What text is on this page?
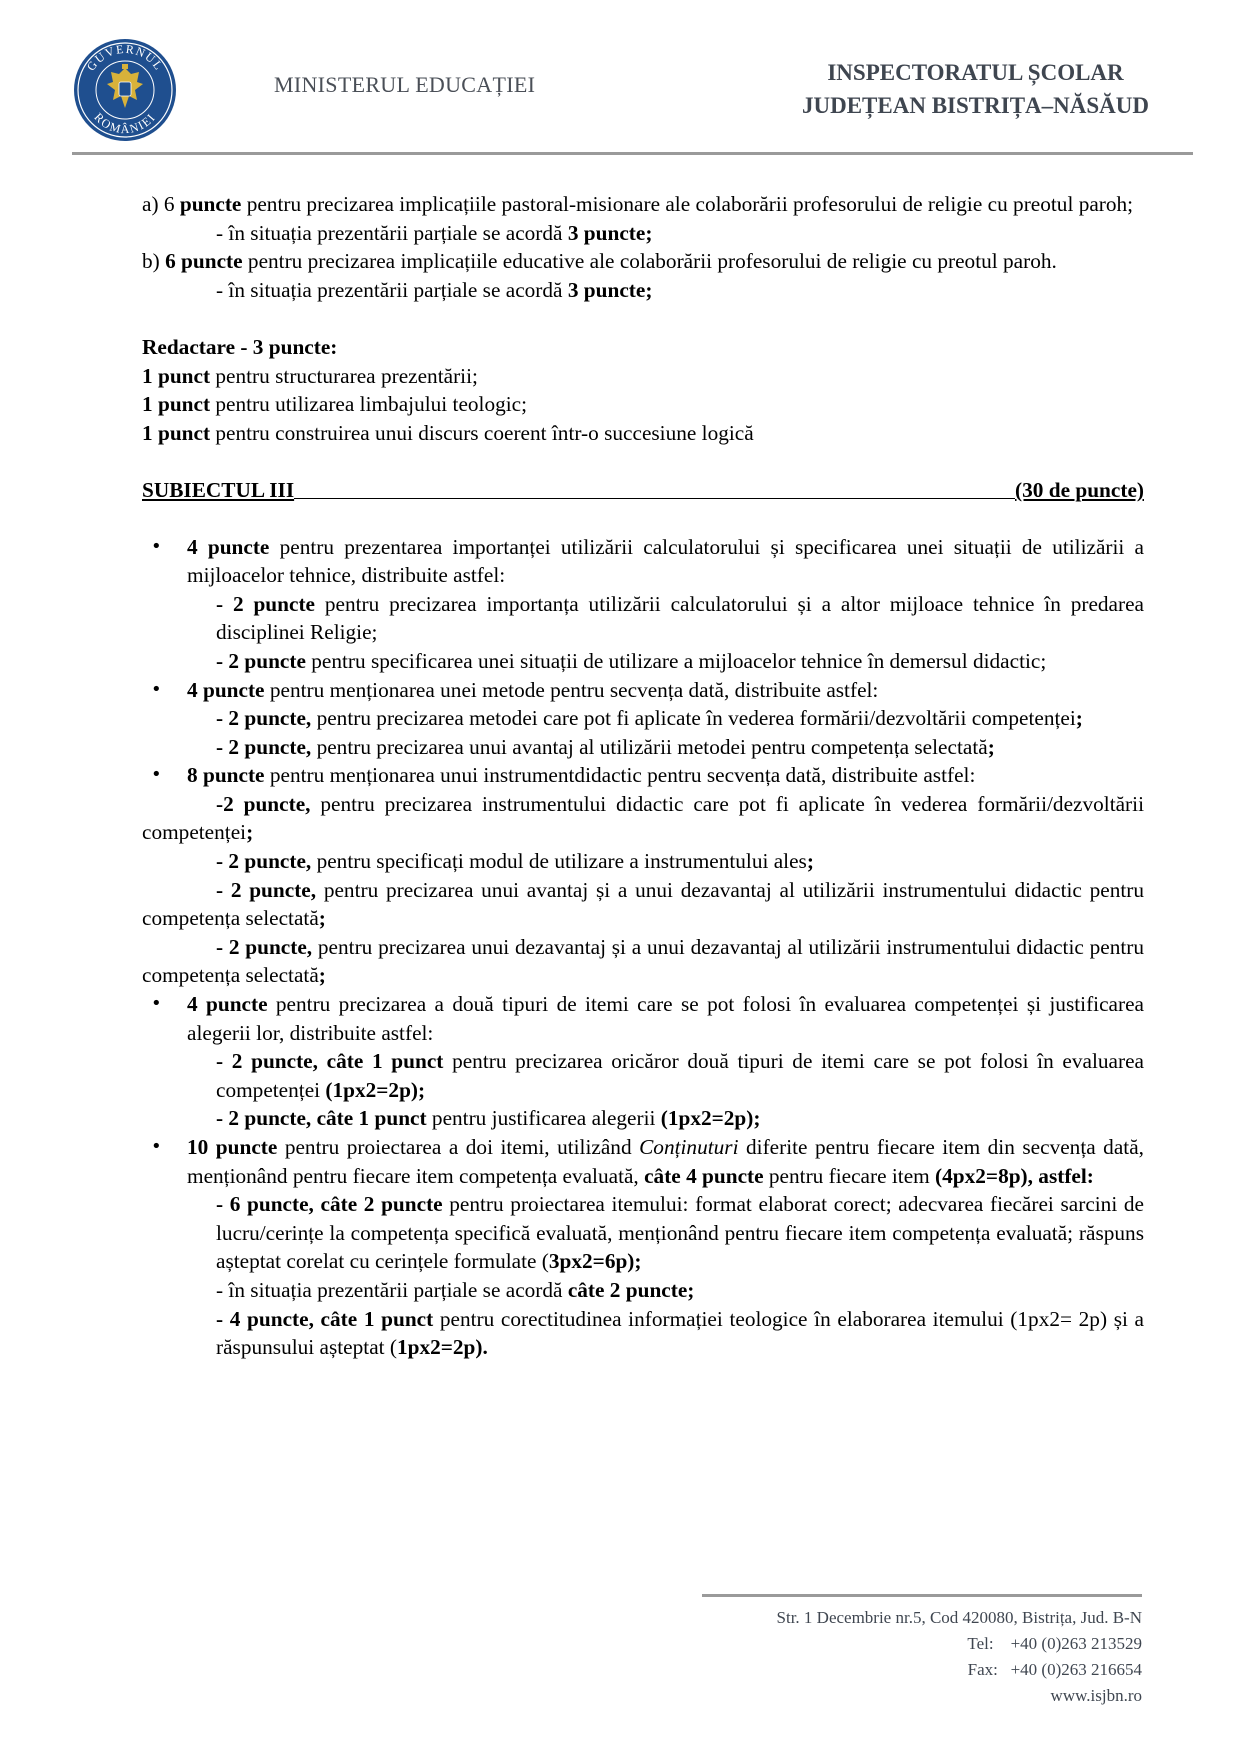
GUVERNUL
ROMÂNIEI
MINISTERUL EDUCAȚIEI	INSPECTORATUL ȘCOLAR
JUDEȚEAN BISTRIȚA–NĂSĂUD

a) 6 puncte pentru precizarea implicațiile pastoral-misionare ale colaborării profesorului de religie cu preotul paroh;

- în situația prezentării parțiale se acordă 3 puncte;

b) 6 puncte pentru precizarea implicațiile educative ale colaborării profesorului de religie cu preotul paroh.

- în situația prezentării parțiale se acordă 3 puncte;

Redactare - 3 puncte:

1 punct pentru structurarea prezentării;

1 punct pentru utilizarea limbajului teologic;

1 punct pentru construirea unui discurs coerent într-o succesiune logică

SUBIECTUL III	(30 de puncte)

• 4 puncte pentru prezentarea importanței utilizării calculatorului și specificarea unei situații de utilizării a mijloacelor tehnice, distribuite astfel:

- 2 puncte pentru precizarea importanța utilizării calculatorului și a altor mijloace tehnice în predarea disciplinei Religie;

- 2 puncte pentru specificarea unei situații de utilizare a mijloacelor tehnice în demersul didactic;

• 4 puncte pentru menționarea unei metode pentru secvența dată, distribuite astfel:

- 2 puncte, pentru precizarea metodei care pot fi aplicate în vederea formării/dezvoltării competenței;

- 2 puncte, pentru precizarea unui avantaj al utilizării metodei pentru competența selectată;

• 8 puncte pentru menționarea unui instrumentdidactic pentru secvența dată, distribuite astfel:

-2 puncte, pentru precizarea instrumentului didactic care pot fi aplicate în vederea formării/dezvoltării competenței;

- 2 puncte, pentru specificați modul de utilizare a instrumentului ales;

- 2 puncte, pentru precizarea unui avantaj și a unui dezavantaj al utilizării instrumentului didactic pentru competența selectată;

- 2 puncte, pentru precizarea unui dezavantaj și a unui dezavantaj al utilizării instrumentului didactic pentru competența selectată;

• 4 puncte pentru precizarea a două tipuri de itemi care se pot folosi în evaluarea competenței și justificarea alegerii lor, distribuite astfel:

- 2 puncte, câte 1 punct pentru precizarea oricăror două tipuri de itemi care se pot folosi în evaluarea competenței (1px2=2p);

- 2 puncte, câte 1 punct pentru justificarea alegerii (1px2=2p);

• 10 puncte pentru proiectarea a doi itemi, utilizând Conținuturi diferite pentru fiecare item din secvența dată, menționând pentru fiecare item competența evaluată, câte 4 puncte pentru fiecare item (4px2=8p), astfel:

- 6 puncte, câte 2 puncte pentru proiectarea itemului: format elaborat corect; adecvarea fiecărei sarcini de lucru/cerințe la competența specifică evaluată, menționând pentru fiecare item competența evaluată; răspuns așteptat corelat cu cerințele formulate (3px2=6p);

- în situația prezentării parțiale se acordă câte 2 puncte;

- 4 puncte, câte 1 punct pentru corectitudinea informației teologice în elaborarea itemului (1px2= 2p) și a răspunsului așteptat (1px2=2p).

Str. 1 Decembrie nr.5, Cod 420080, Bistrița, Jud. B-N
Tel:    +40 (0)263 213529
Fax:   +40 (0)263 216654
www.isjbn.ro
